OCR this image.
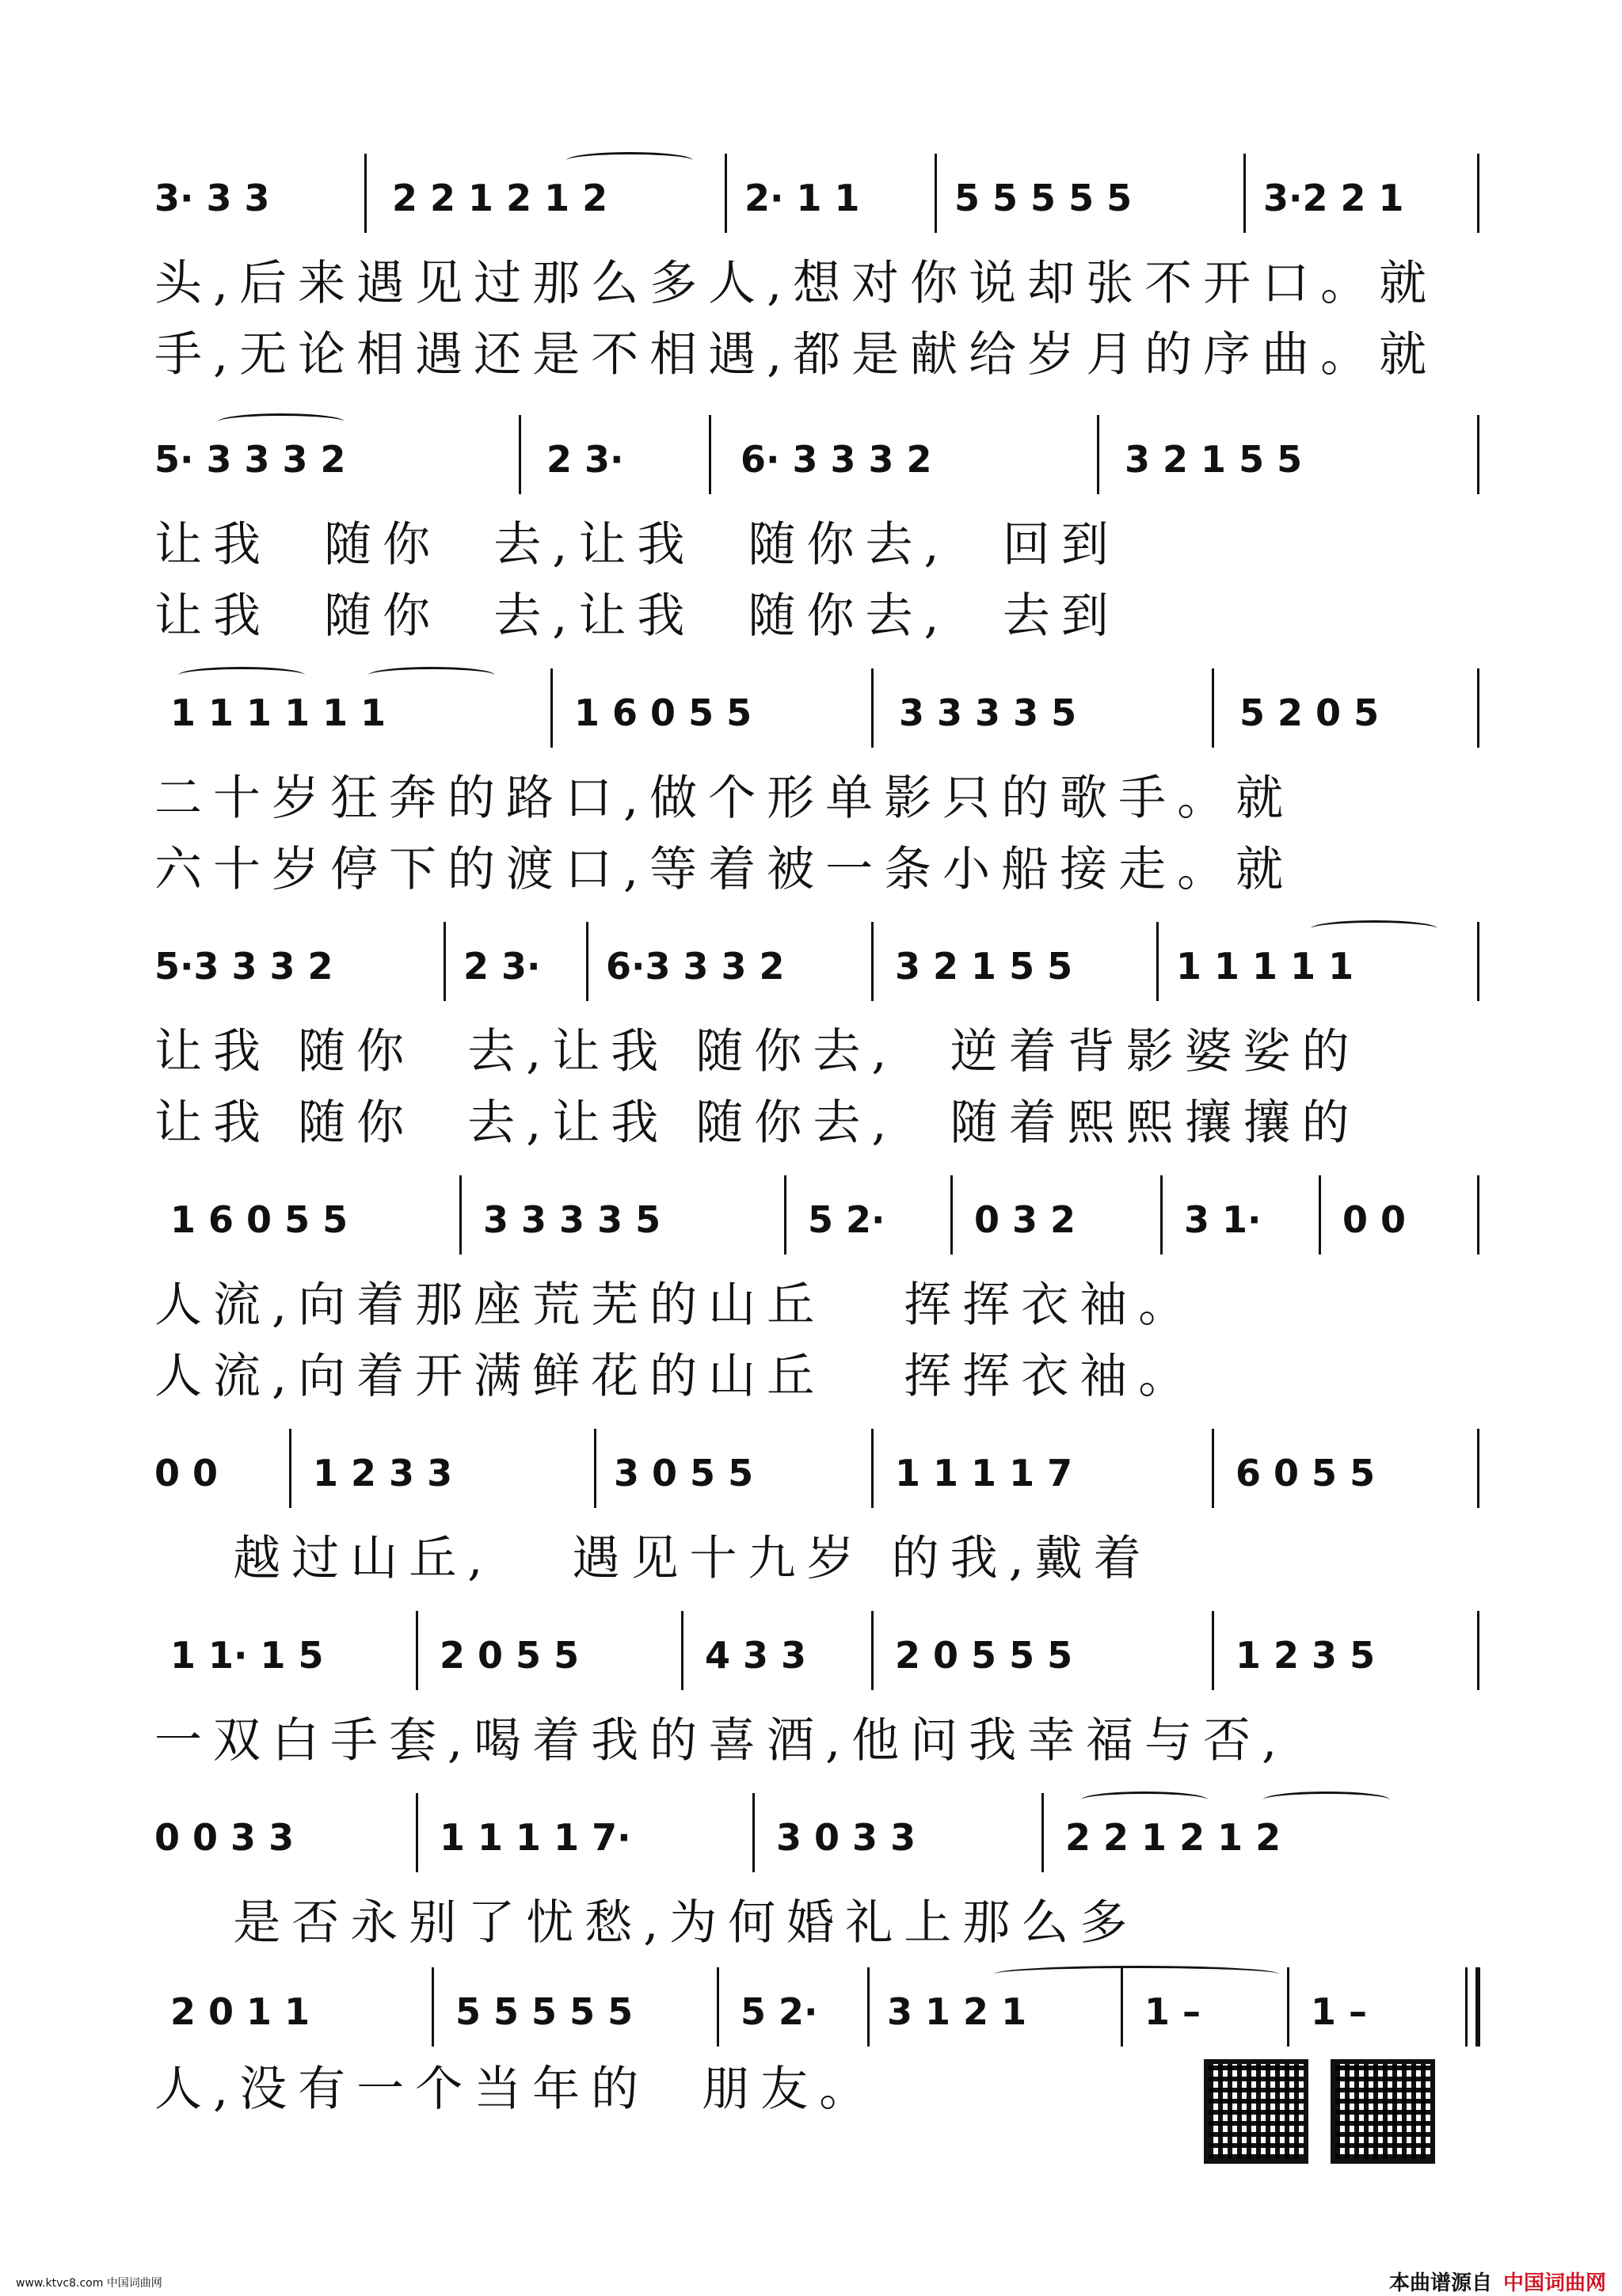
3· 3 3	2 2 1 2 1 2	2· 1 1	5 5 5 5 5	3·2 2 1
头,后来遇见过那么多人,想对你说却张不开口。就
手,无论相遇还是不相遇,都是献给岁月的序曲。就
5· 3 3 3 2	2 3·	6· 3 3 3 2	3 2 1 5 5
让我  随你  去,让我  随你去,  回到
让我  随你  去,让我  随你去,  去到
1 1 1 1 1 1	1 6 0 5 5	3 3 3 3 5	5 2 0 5
二十岁狂奔的路口,做个形单影只的歌手。就
六十岁停下的渡口,等着被一条小船接走。就
5·3 3 3 2	2 3· 6·3 3 3 2	3 2 1 5 5	1 1 1 1 1
让我 随你  去,让我 随你去,  逆着背影婆娑的
让我 随你  去,让我 随你去,  随着熙熙攘攘的
1 6 0 5 5	3 3 3 3 5	5 2· 0 3 2	3 1· 0 0
人流,向着那座荒芜的山丘   挥挥衣袖。
人流,向着开满鲜花的山丘   挥挥衣袖。
0 0	1 2 3 3	3 0 5 5	1 1 1 1 7	6 0 5 5
越过山丘,   遇见十九岁 的我,戴着
1 1· 1 5	2 0 5 5	4 3 3 2 0 5 5 5	1 2 3 5
一双白手套,喝着我的喜酒,他问我幸福与否,
0 0 3 3	1 1 1 1 7·	3 0 3 3	2 2 1 2 1 2
是否永别了忧愁,为何婚礼上那么多
2 0 1 1	5 5 5 5 5	5 2· 3 1 2 1	1 –	1 –
人,没有一个当年的  朋友。
www.ktvc8.com 中国词曲网	本曲谱源自 中国词曲网
